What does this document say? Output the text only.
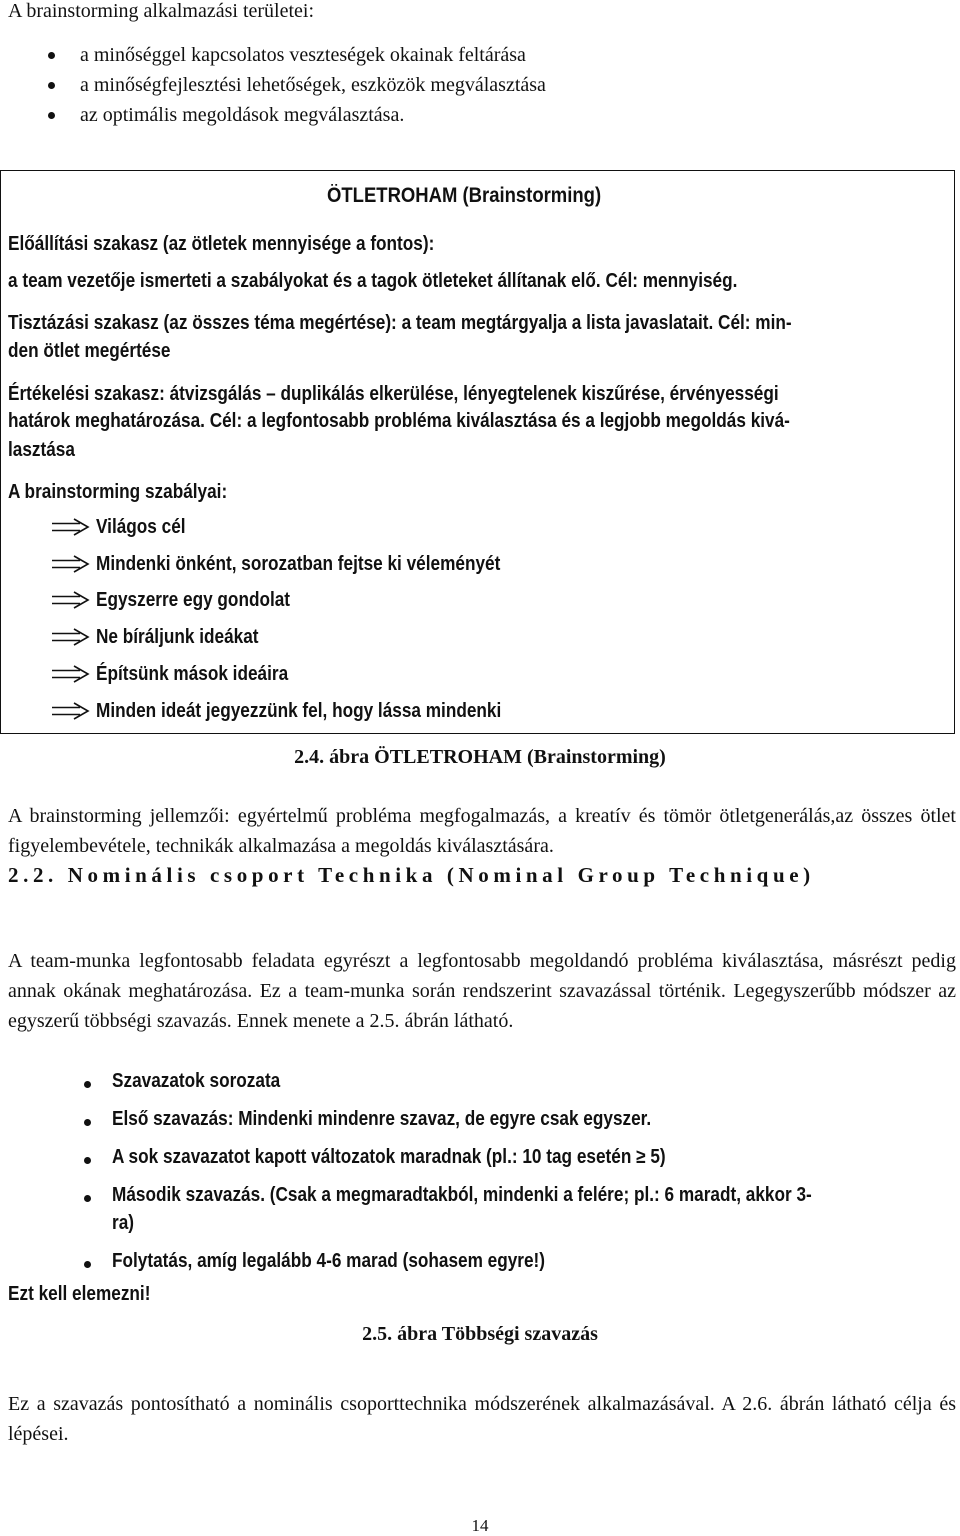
A brainstorming alkalmazási területei:
a minőséggel kapcsolatos veszteségek okainak feltárása
a minőségfejlesztési lehetőségek, eszközök megválasztása
az optimális megoldások megválasztása.
ÖTLETROHAM (Brainstorming)
Előállítási szakasz (az ötletek mennyisége a fontos):
a team vezetője ismerteti a szabályokat és a tagok ötleteket állítanak elő. Cél: mennyiség.
Tisztázási szakasz (az összes téma megértése): a team megtárgyalja a lista javaslatait. Cél: min-
den ötlet megértése
Értékelési szakasz: átvizsgálás – duplikálás elkerülése, lényegtelenek kiszűrése, érvényességi
határok meghatározása. Cél: a legfontosabb probléma kiválasztása és a legjobb megoldás kivá-
lasztása
A brainstorming szabályai:
Világos cél
Mindenki önként, sorozatban fejtse ki véleményét
Egyszerre egy gondolat
Ne bíráljunk ideákat
Építsünk mások ideáira
Minden ideát jegyezzünk fel, hogy lássa mindenki
2.4. ábra ÖTLETROHAM (Brainstorming)
A brainstorming jellemzői: egyértelmű probléma megfogalmazás, a kreatív és tömör ötletgenerálás,az összes ötlet figyelembevétele, technikák alkalmazása a megoldás kiválasztására.
2.2. Nominális csoport Technika (Nominal Group Technique)
A team-munka legfontosabb feladata egyrészt a legfontosabb megoldandó probléma kiválasztása, másrészt pedig annak okának meghatározása. Ez a team-munka során rendszerint szavazással történik. Legegyszerűbb módszer az egyszerű többségi szavazás. Ennek menete a 2.5. ábrán látható.
Szavazatok sorozata
Első szavazás: Mindenki mindenre szavaz, de egyre csak egyszer.
A sok szavazatot kapott változatok maradnak (pl.: 10 tag esetén ≥ 5)
Második szavazás. (Csak a megmaradtakból, mindenki a felére; pl.: 6 maradt, akkor 3-
ra)
Folytatás, amíg legalább 4-6 marad (sohasem egyre!)
Ezt kell elemezni!
2.5. ábra Többségi szavazás
Ez a szavazás pontosítható a nominális csoporttechnika módszerének alkalmazásával. A 2.6. ábrán látható célja és lépései.
14
